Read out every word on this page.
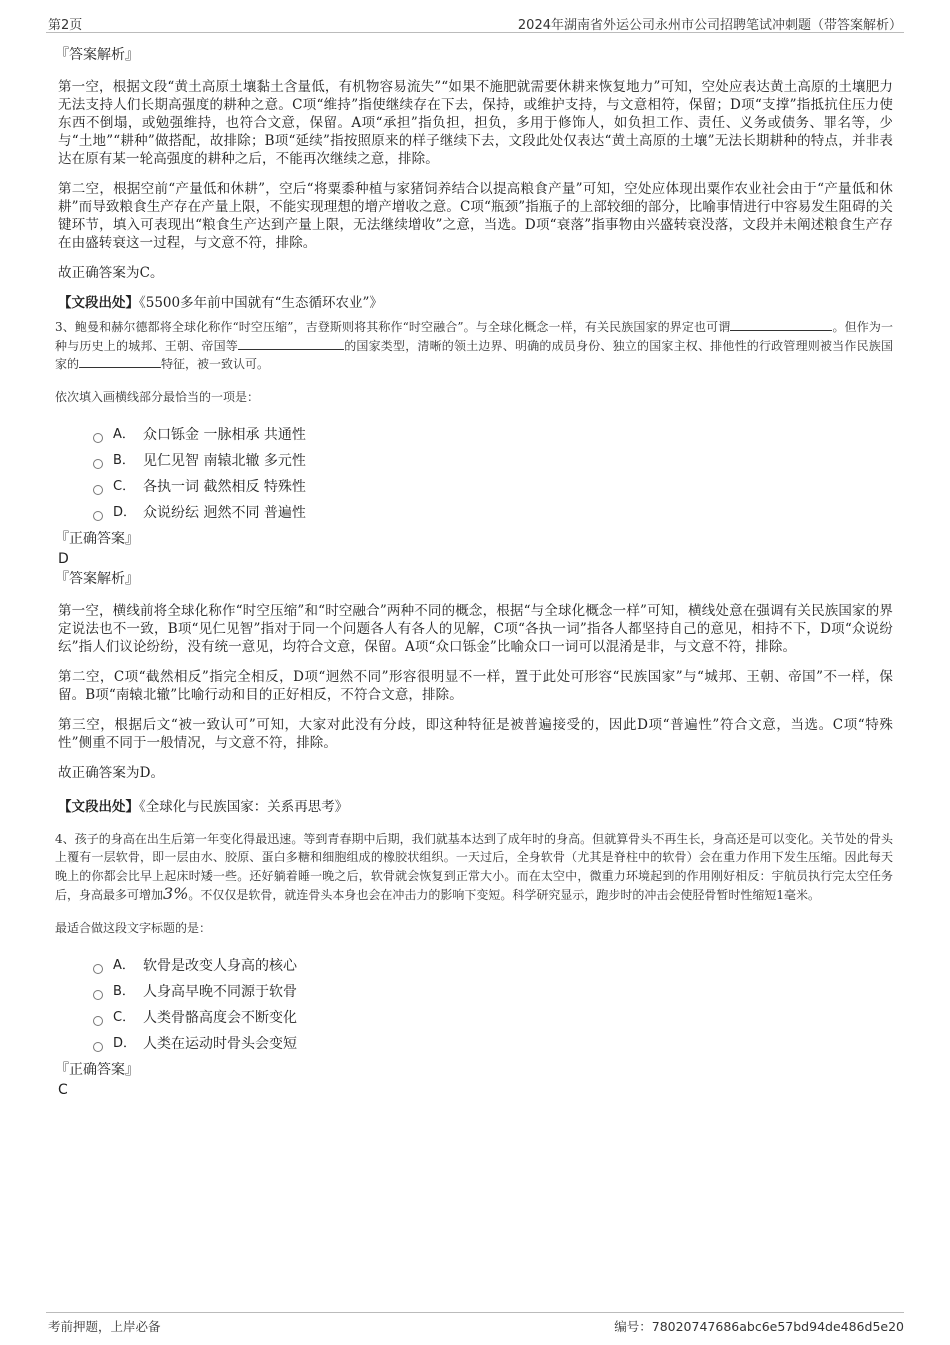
第2页	2024年湖南省外运公司永州市公司招聘笔试冲刺题（带答案解析）

『答案解析』

第一空，根据文段“黄土高原土壤黏土含量低，有机物容易流失”“如果不施肥就需要休耕来恢复地力”可知，空处应表达黄土高原的土壤肥力无法支持人们长期高强度的耕种之意。C项“维持”指使继续存在下去，保持，或维护支持，与文意相符，保留；D项“支撑”指抵抗住压力使东西不倒塌，或勉强维持，也符合文意，保留。A项“承担”指负担，担负，多用于修饰人，如负担工作、责任、义务或债务、罪名等，少与“土地”“耕种”做搭配，故排除；B项“延续”指按照原来的样子继续下去，文段此处仅表达“黄土高原的土壤”无法长期耕种的特点，并非表达在原有某一轮高强度的耕种之后，不能再次继续之意，排除。

第二空，根据空前“产量低和休耕”，空后“将粟黍种植与家猪饲养结合以提高粮食产量”可知，空处应体现出粟作农业社会由于“产量低和休耕”而导致粮食生产存在产量上限，不能实现理想的增产增收之意。C项“瓶颈”指瓶子的上部较细的部分，比喻事情进行中容易发生阻碍的关键环节，填入可表现出“粮食生产达到产量上限，无法继续增收”之意，当选。D项“衰落”指事物由兴盛转衰没落，文段并未阐述粮食生产存在由盛转衰这一过程，与文意不符，排除。

故正确答案为C。

【文段出处】《5500多年前中国就有“生态循环农业”》

3、鲍曼和赫尔德都将全球化称作“时空压缩”，吉登斯则将其称作“时空融合”。与全球化概念一样，有关民族国家的界定也可谓	。但作为一种与历史上的城邦、王朝、帝国等	的国家类型，清晰的领土边界、明确的成员身份、独立的国家主权、排他性的行政管理则被当作民族国家的	特征，被一致认可。

依次填入画横线部分最恰当的一项是：

A． 众口铄金 一脉相承 共通性
B． 见仁见智 南辕北辙 多元性
C． 各执一词 截然相反 特殊性
D． 众说纷纭 迥然不同 普遍性

『正确答案』

D

『答案解析』

第一空，横线前将全球化称作“时空压缩”和“时空融合”两种不同的概念，根据“与全球化概念一样”可知，横线处意在强调有关民族国家的界定说法也不一致，B项“见仁见智”指对于同一个问题各人有各人的见解，C项“各执一词”指各人都坚持自己的意见，相持不下，D项“众说纷纭”指人们议论纷纷，没有统一意见，均符合文意，保留。A项“众口铄金”比喻众口一词可以混淆是非，与文意不符，排除。

第二空，C项“截然相反”指完全相反，D项“迥然不同”形容很明显不一样，置于此处可形容“民族国家”与“城邦、王朝、帝国”不一样，保留。B项“南辕北辙”比喻行动和目的正好相反，不符合文意，排除。

第三空，根据后文“被一致认可”可知，大家对此没有分歧，即这种特征是被普遍接受的，因此D项“普遍性”符合文意，当选。C项“特殊性”侧重不同于一般情况，与文意不符，排除。

故正确答案为D。

【文段出处】《全球化与民族国家：关系再思考》

4、孩子的身高在出生后第一年变化得最迅速。等到青春期中后期，我们就基本达到了成年时的身高。但就算骨头不再生长，身高还是可以变化。关节处的骨头上覆有一层软骨，即一层由水、胶原、蛋白多糖和细胞组成的橡胶状组织。一天过后，全身软骨（尤其是脊柱中的软骨）会在重力作用下发生压缩。因此每天晚上的你都会比早上起床时矮一些。还好躺着睡一晚之后，软骨就会恢复到正常大小。而在太空中，微重力环境起到的作用刚好相反：宇航员执行完太空任务后，身高最多可增加3%。不仅仅是软骨，就连骨头本身也会在冲击力的影响下变短。科学研究显示，跑步时的冲击会使胫骨暂时性缩短1毫米。

最适合做这段文字标题的是：

A． 软骨是改变人身高的核心
B． 人身高早晚不同源于软骨
C． 人类骨骼高度会不断变化
D． 人类在运动时骨头会变短

『正确答案』

C

考前押题，上岸必备	编号：78020747686abc6e57bd94de486d5e20
